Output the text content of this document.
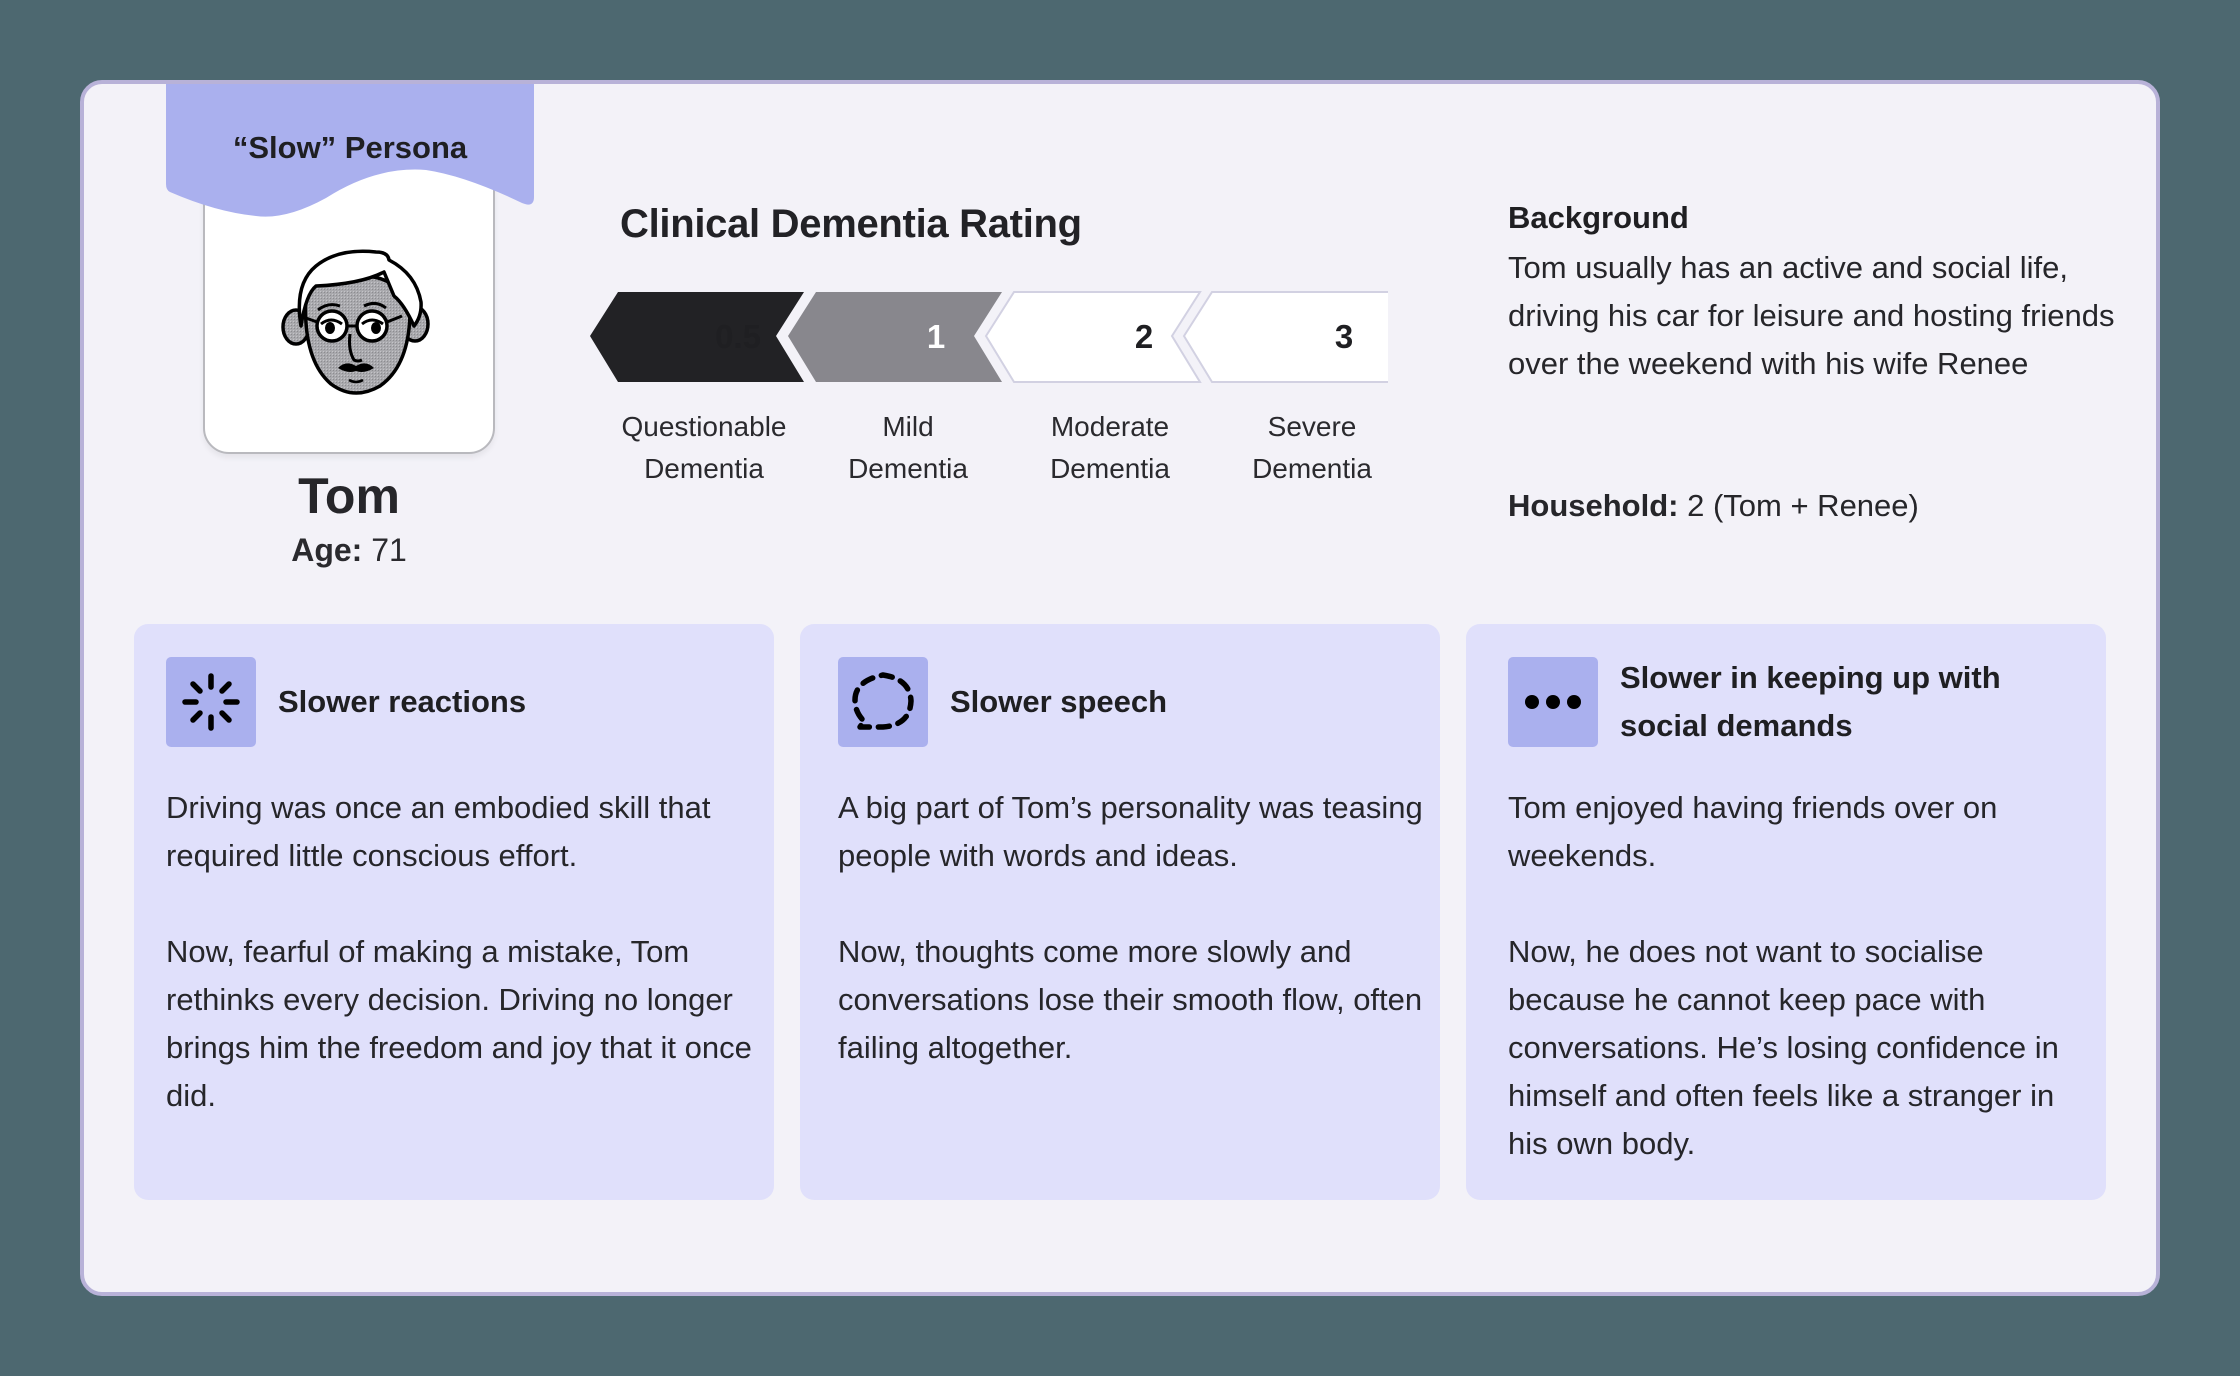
“Slow” Persona
Tom
Age: 71
Clinical Dementia Rating
0.5	1	2	3
Questionable
Dementia
Mild
Dementia
Moderate
Dementia
Severe
Dementia
Background
Tom usually has an active and social life, driving his car for leisure and hosting friends over the weekend with his wife Renee
Household: 2 (Tom + Renee)
Slower reactions

Driving was once an embodied skill that required little conscious effort.

Now, fearful of making a mistake, Tom rethinks every decision. Driving no longer brings him the freedom and joy that it once did.

Slower speech

A big part of Tom’s personality was teasing people with words and ideas.

Now, thoughts come more slowly and conversations lose their smooth flow, often failing altogether.

Slower in keeping up with social demands

Tom enjoyed having friends over on weekends.

Now, he does not want to socialise because he cannot keep pace with conversations. He’s losing confidence in himself and often feels like a stranger in his own body.
